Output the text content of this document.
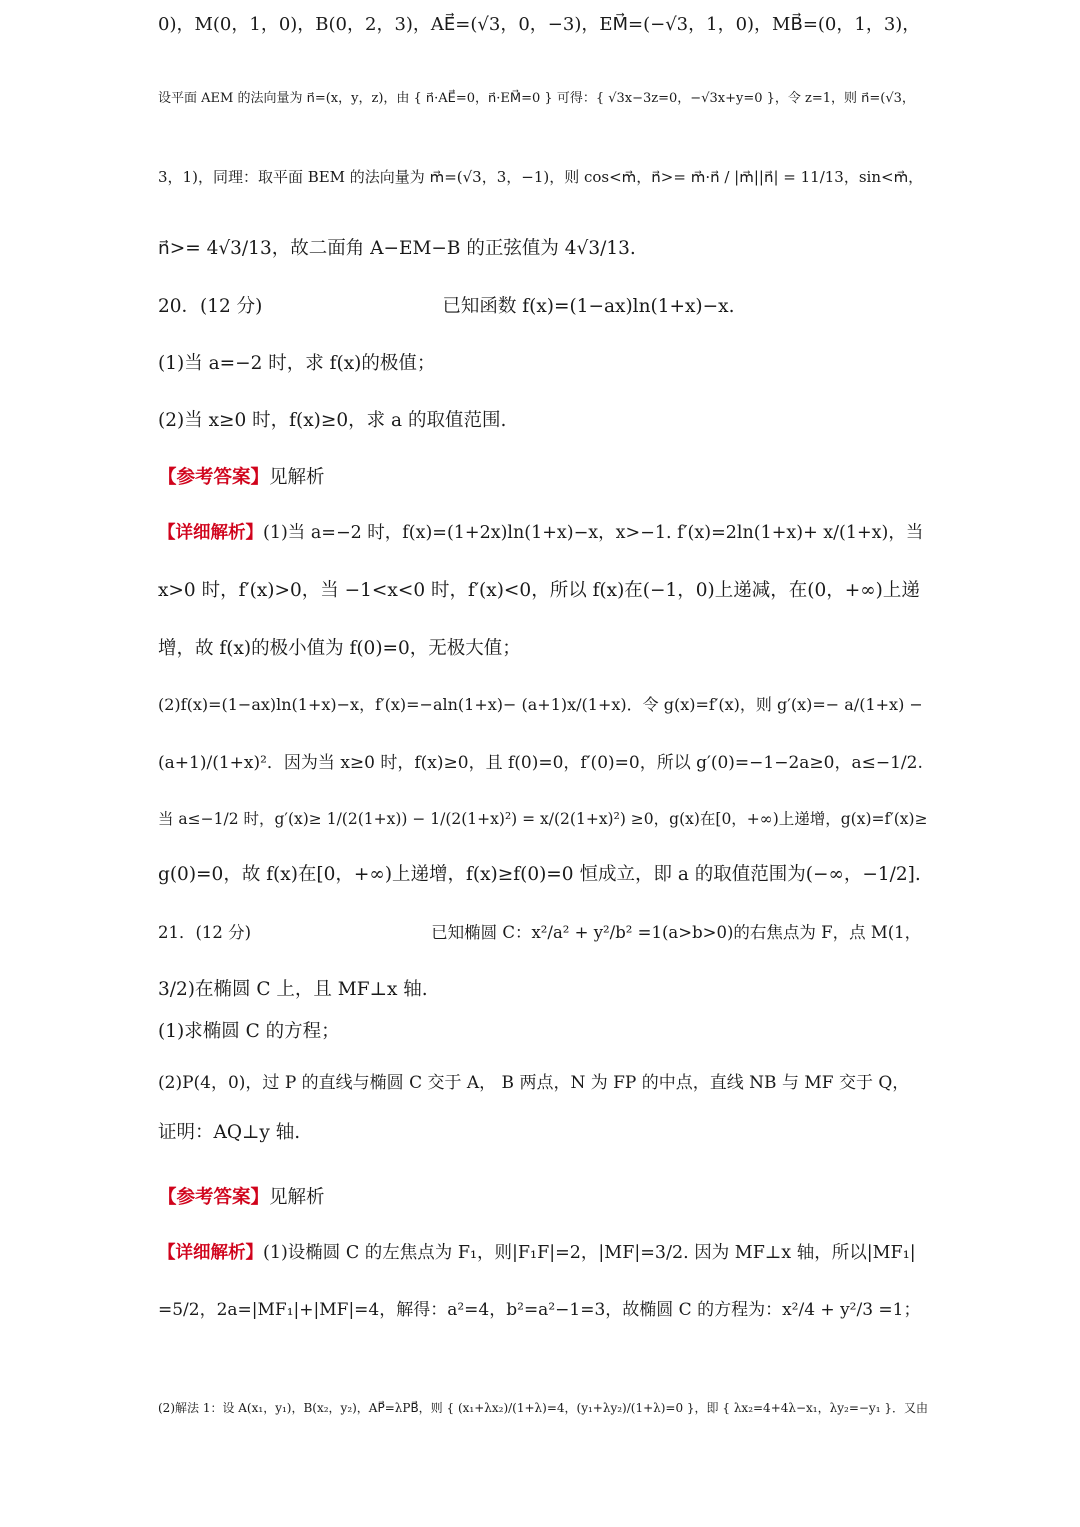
0)，M(0，1，0)，B(0，2，3)，AE⃗=(√3，0，−3)，EM⃗=(−√3，1，0)，MB⃗=(0，1，3)，
设平面 AEM 的法向量为 n⃗=(x，y，z)，由 { n⃗·AE⃗=0，n⃗·EM⃗=0 } 可得：{ √3x−3z=0，−√3x+y=0 }，令 z=1，则 n⃗=(√3，
3，1)，同理：取平面 BEM 的法向量为 m⃗=(√3，3，−1)，则 cos<m⃗，n⃗>= m⃗·n⃗ / |m⃗||n⃗| = 11/13，sin<m⃗，
n⃗>= 4√3/13，故二面角 A−EM−B 的正弦值为 4√3/13.
20．(12 分)	已知函数 f(x)=(1−ax)ln(1+x)−x.
(1)当 a=−2 时，求 f(x)的极值；
(2)当 x≥0 时，f(x)≥0，求 a 的取值范围.
【参考答案】见解析
【详细解析】(1)当 a=−2 时，f(x)=(1+2x)ln(1+x)−x，x>−1. f′(x)=2ln(1+x)+ x/(1+x)，当
x>0 时，f′(x)>0，当 −1<x<0 时，f′(x)<0，所以 f(x)在(−1，0)上递减，在(0，+∞)上递
增，故 f(x)的极小值为 f(0)=0，无极大值；
(2)f(x)=(1−ax)ln(1+x)−x，f′(x)=−aln(1+x)− (a+1)x/(1+x)．令 g(x)=f′(x)，则 g′(x)=− a/(1+x) −
(a+1)/(1+x)²．因为当 x≥0 时，f(x)≥0，且 f(0)=0，f′(0)=0，所以 g′(0)=−1−2a≥0，a≤−1/2.
当 a≤−1/2 时，g′(x)≥ 1/(2(1+x)) − 1/(2(1+x)²) = x/(2(1+x)²) ≥0，g(x)在[0，+∞)上递增，g(x)=f′(x)≥
g(0)=0，故 f(x)在[0，+∞)上递增，f(x)≥f(0)=0 恒成立，即 a 的取值范围为(−∞，−1/2].
21．(12 分)	已知椭圆 C：x²/a² + y²/b² =1(a>b>0)的右焦点为 F，点 M(1，
3/2)在椭圆 C 上，且 MF⊥x 轴.
(1)求椭圆 C 的方程；
(2)P(4，0)，过 P 的直线与椭圆 C 交于 A， B 两点，N 为 FP 的中点，直线 NB 与 MF 交于 Q，
证明：AQ⊥y 轴.
【参考答案】见解析
【详细解析】(1)设椭圆 C 的左焦点为 F₁，则|F₁F|=2，|MF|=3/2. 因为 MF⊥x 轴，所以|MF₁|
=5/2，2a=|MF₁|+|MF|=4，解得：a²=4，b²=a²−1=3，故椭圆 C 的方程为：x²/4 + y²/3 =1；
(2)解法 1：设 A(x₁，y₁)，B(x₂，y₂)，AP⃗=λPB⃗，则 { (x₁+λx₂)/(1+λ)=4，(y₁+λy₂)/(1+λ)=0 }，即 { λx₂=4+4λ−x₁，λy₂=−y₁ }．又由
